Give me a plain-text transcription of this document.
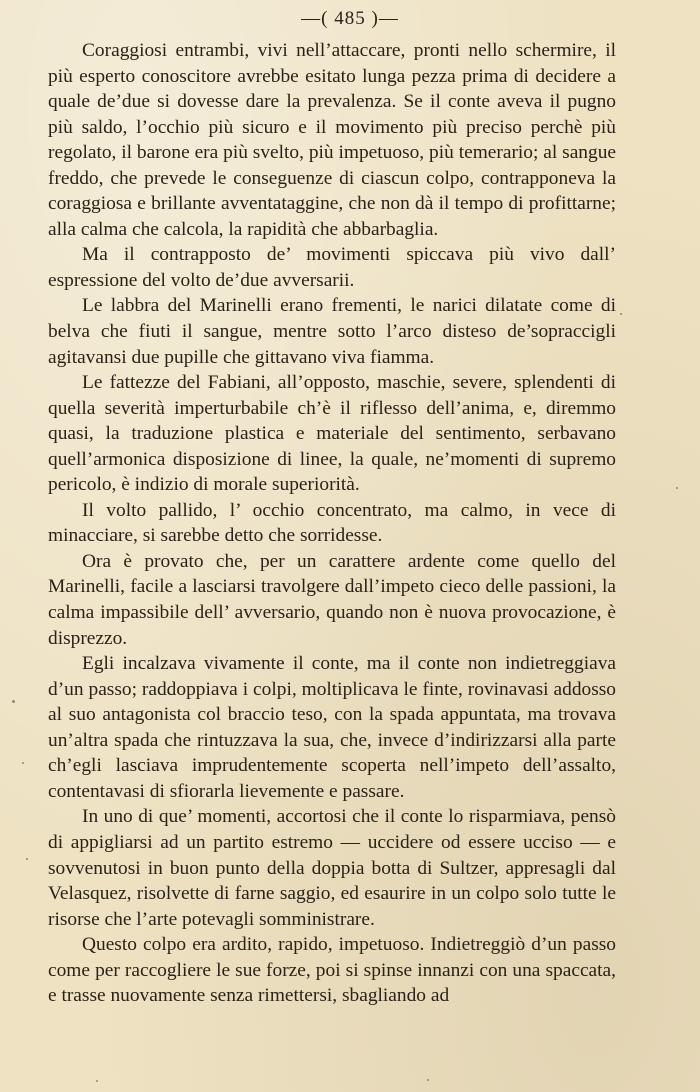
—( 485 )—

Coraggiosi entrambi, vivi nell’attaccare, pronti nello schermire, il più esperto conoscitore avrebbe esitato lunga pezza prima di decidere a quale de’due si dovesse dare la prevalenza. Se il conte aveva il pugno più saldo, l’occhio più sicuro e il movimento più preciso perchè più regolato, il barone era più svelto, più impetuoso, più temerario; al sangue freddo, che prevede le conseguenze di ciascun colpo, contrapponeva la coraggiosa e brillante avventataggine, che non dà il tempo di profittarne; alla calma che calcola, la rapidità che abbarbaglia.

Ma il contrapposto de’ movimenti spiccava più vivo dall’ espressione del volto de’due avversarii.

Le labbra del Marinelli erano frementi, le narici dilatate come di belva che fiuti il sangue, mentre sotto l’arco disteso de’sopraccigli agitavansi due pupille che gittavano viva fiamma.

Le fattezze del Fabiani, all’opposto, maschie, severe, splendenti di quella severità imperturbabile ch’è il riflesso dell’anima, e, diremmo quasi, la traduzione plastica e materiale del sentimento, serbavano quell’armonica disposizione di linee, la quale, ne’momenti di supremo pericolo, è indizio di morale superiorità.

Il volto pallido, l’ occhio concentrato, ma calmo, in vece di minacciare, si sarebbe detto che sorridesse.

Ora è provato che, per un carattere ardente come quello del Marinelli, facile a lasciarsi travolgere dall’impeto cieco delle passioni, la calma impassibile dell’ avversario, quando non è nuova provocazione, è disprezzo.

Egli incalzava vivamente il conte, ma il conte non indietreggiava d’un passo; raddoppiava i colpi, moltiplicava le finte, rovinavasi addosso al suo antagonista col braccio teso, con la spada appuntata, ma trovava un’altra spada che rintuzzava la sua, che, invece d’indirizzarsi alla parte ch’egli lasciava imprudentemente scoperta nell’impeto dell’assalto, contentavasi di sfiorarla lievemente e passare.

In uno di que’ momenti, accortosi che il conte lo risparmiava, pensò di appigliarsi ad un partito estremo — uccidere od essere ucciso — e sovvenutosi in buon punto della doppia botta di Sultzer, appresagli dal Velasquez, risolvette di farne saggio, ed esaurire in un colpo solo tutte le risorse che l’arte potevagli somministrare.

Questo colpo era ardito, rapido, impetuoso. Indietreggiò d’un passo come per raccogliere le sue forze, poi si spinse innanzi con una spaccata, e trasse nuovamente senza rimettersi, sbagliando ad
